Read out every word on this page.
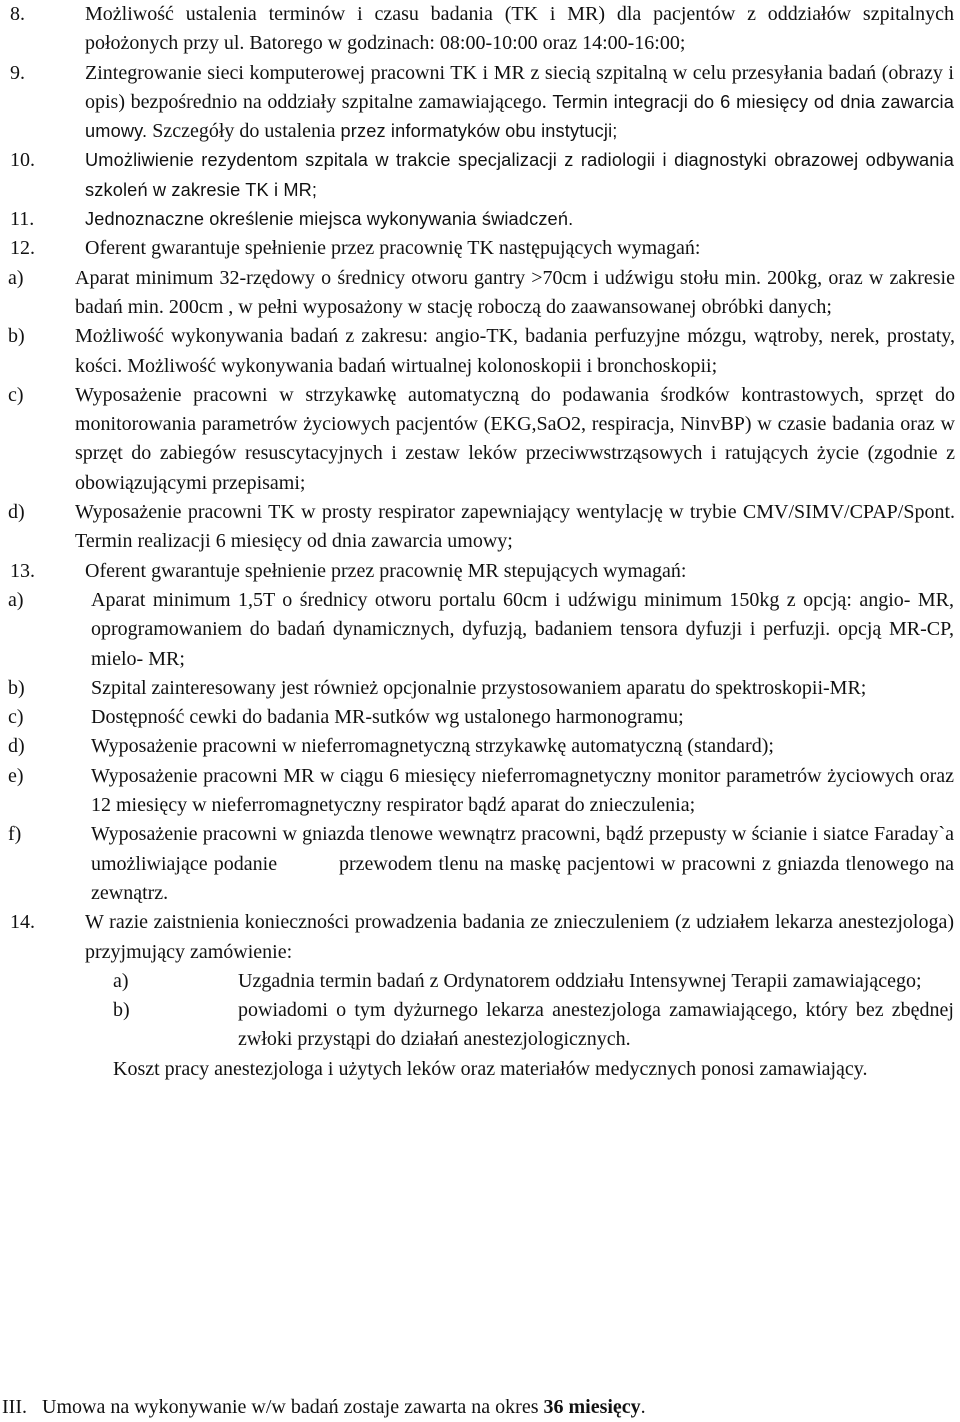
8.	Możliwość ustalenia terminów i czasu badania (TK i MR) dla pacjentów z oddziałów szpitalnych położonych przy ul. Batorego w godzinach: 08:00-10:00 oraz 14:00-16:00;
9.	Zintegrowanie sieci komputerowej pracowni TK i MR z siecią szpitalną w celu przesyłania badań (obrazy i opis) bezpośrednio na oddziały szpitalne zamawiającego. Termin integracji do 6 miesięcy od dnia zawarcia umowy. Szczegóły do ustalenia przez informatyków obu instytucji;
10.	Umożliwienie rezydentom szpitala w trakcie specjalizacji z radiologii i diagnostyki obrazowej odbywania szkoleń w zakresie TK i MR;
11.	Jednoznaczne określenie miejsca wykonywania świadczeń.
12.	Oferent gwarantuje spełnienie przez pracownię TK następujących wymagań:
a)	Aparat minimum 32-rzędowy o średnicy otworu gantry >70cm i udźwigu stołu min. 200kg, oraz w zakresie badań min. 200cm , w pełni wyposażony w stację roboczą do zaawansowanej obróbki danych;
b)	Możliwość wykonywania badań z zakresu: angio-TK, badania perfuzyjne mózgu, wątroby, nerek, prostaty, kości. Możliwość wykonywania badań wirtualnej kolonoskopii i bronchoskopii;
c)	Wyposażenie pracowni w strzykawkę automatyczną do podawania środków kontrastowych, sprzęt do monitorowania parametrów życiowych pacjentów (EKG,SaO2, respiracja, NinvBP) w czasie badania oraz w sprzęt do zabiegów resuscytacyjnych i zestaw leków przeciwwstrząsowych i ratujących życie (zgodnie z obowiązującymi przepisami;
d)	Wyposażenie pracowni TK w prosty respirator zapewniający wentylację w trybie CMV/SIMV/CPAP/Spont. Termin realizacji 6 miesięcy od dnia zawarcia umowy;
13.	Oferent gwarantuje spełnienie przez pracownię MR stepujących wymagań:
a)	Aparat minimum 1,5T o średnicy otworu portalu 60cm i udźwigu minimum 150kg z opcją: angio- MR, oprogramowaniem do badań dynamicznych, dyfuzją, badaniem tensora dyfuzji i perfuzji. opcją MR-CP, mielo- MR;
b)	Szpital zainteresowany jest również opcjonalnie przystosowaniem aparatu do spektroskopii-MR;
c)	Dostępność cewki do badania MR-sutków wg ustalonego harmonogramu;
d)	Wyposażenie pracowni w nieferromagnetyczną strzykawkę automatyczną (standard);
e)	Wyposażenie pracowni MR w ciągu 6 miesięcy nieferromagnetyczny monitor parametrów życiowych oraz 12 miesięcy w nieferromagnetyczny respirator bądź aparat do znieczulenia;
f)	Wyposażenie pracowni w gniazda tlenowe wewnątrz pracowni, bądź przepusty w ścianie i siatce Faraday`a umożliwiające podanie          przewodem tlenu na maskę pacjentowi w pracowni z gniazda tlenowego na zewnątrz.
14.	W razie zaistnienia konieczności prowadzenia badania ze znieczuleniem (z udziałem lekarza anestezjologa) przyjmujący zamówienie:
a)	Uzgadnia termin badań z Ordynatorem oddziału Intensywnej Terapii zamawiającego;
b)	powiadomi o tym dyżurnego lekarza anestezjologa zamawiającego, który bez zbędnej zwłoki przystąpi do działań anestezjologicznych.
Koszt pracy anestezjologa i użytych leków oraz materiałów medycznych ponosi zamawiający.
III. Umowa na wykonywanie w/w badań zostaje zawarta na okres 36 miesięcy.
